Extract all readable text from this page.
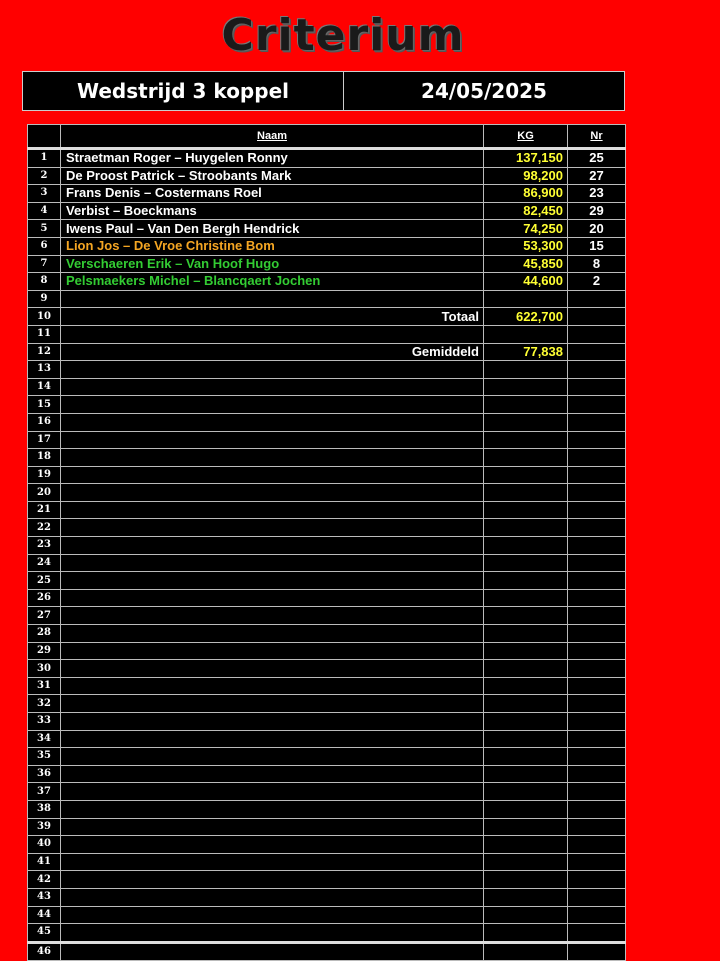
Criterium
Wedstrijd 3 koppel	24/05/2025
	Naam	KG	Nr
1	Straetman Roger – Huygelen Ronny	137,150	25
2	De Proost Patrick – Stroobants Mark	98,200	27
3	Frans Denis – Costermans Roel	86,900	23
4	Verbist – Boeckmans	82,450	29
5	Iwens Paul – Van Den Bergh Hendrick	74,250	20
6	Lion Jos – De Vroe Christine Bom	53,300	15
7	Verschaeren Erik – Van Hoof Hugo	45,850	8
8	Pelsmaekers Michel – Blancqaert Jochen	44,600	2
9			
10	Totaal	622,700	
11			
12	Gemiddeld	77,838	
13			
14			
15			
16			
17			
18			
19			
20			
21			
22			
23			
24			
25			
26			
27			
28			
29			
30			
31			
32			
33			
34			
35			
36			
37			
38			
39			
40			
41			
42			
43			
44			
45			
46			
